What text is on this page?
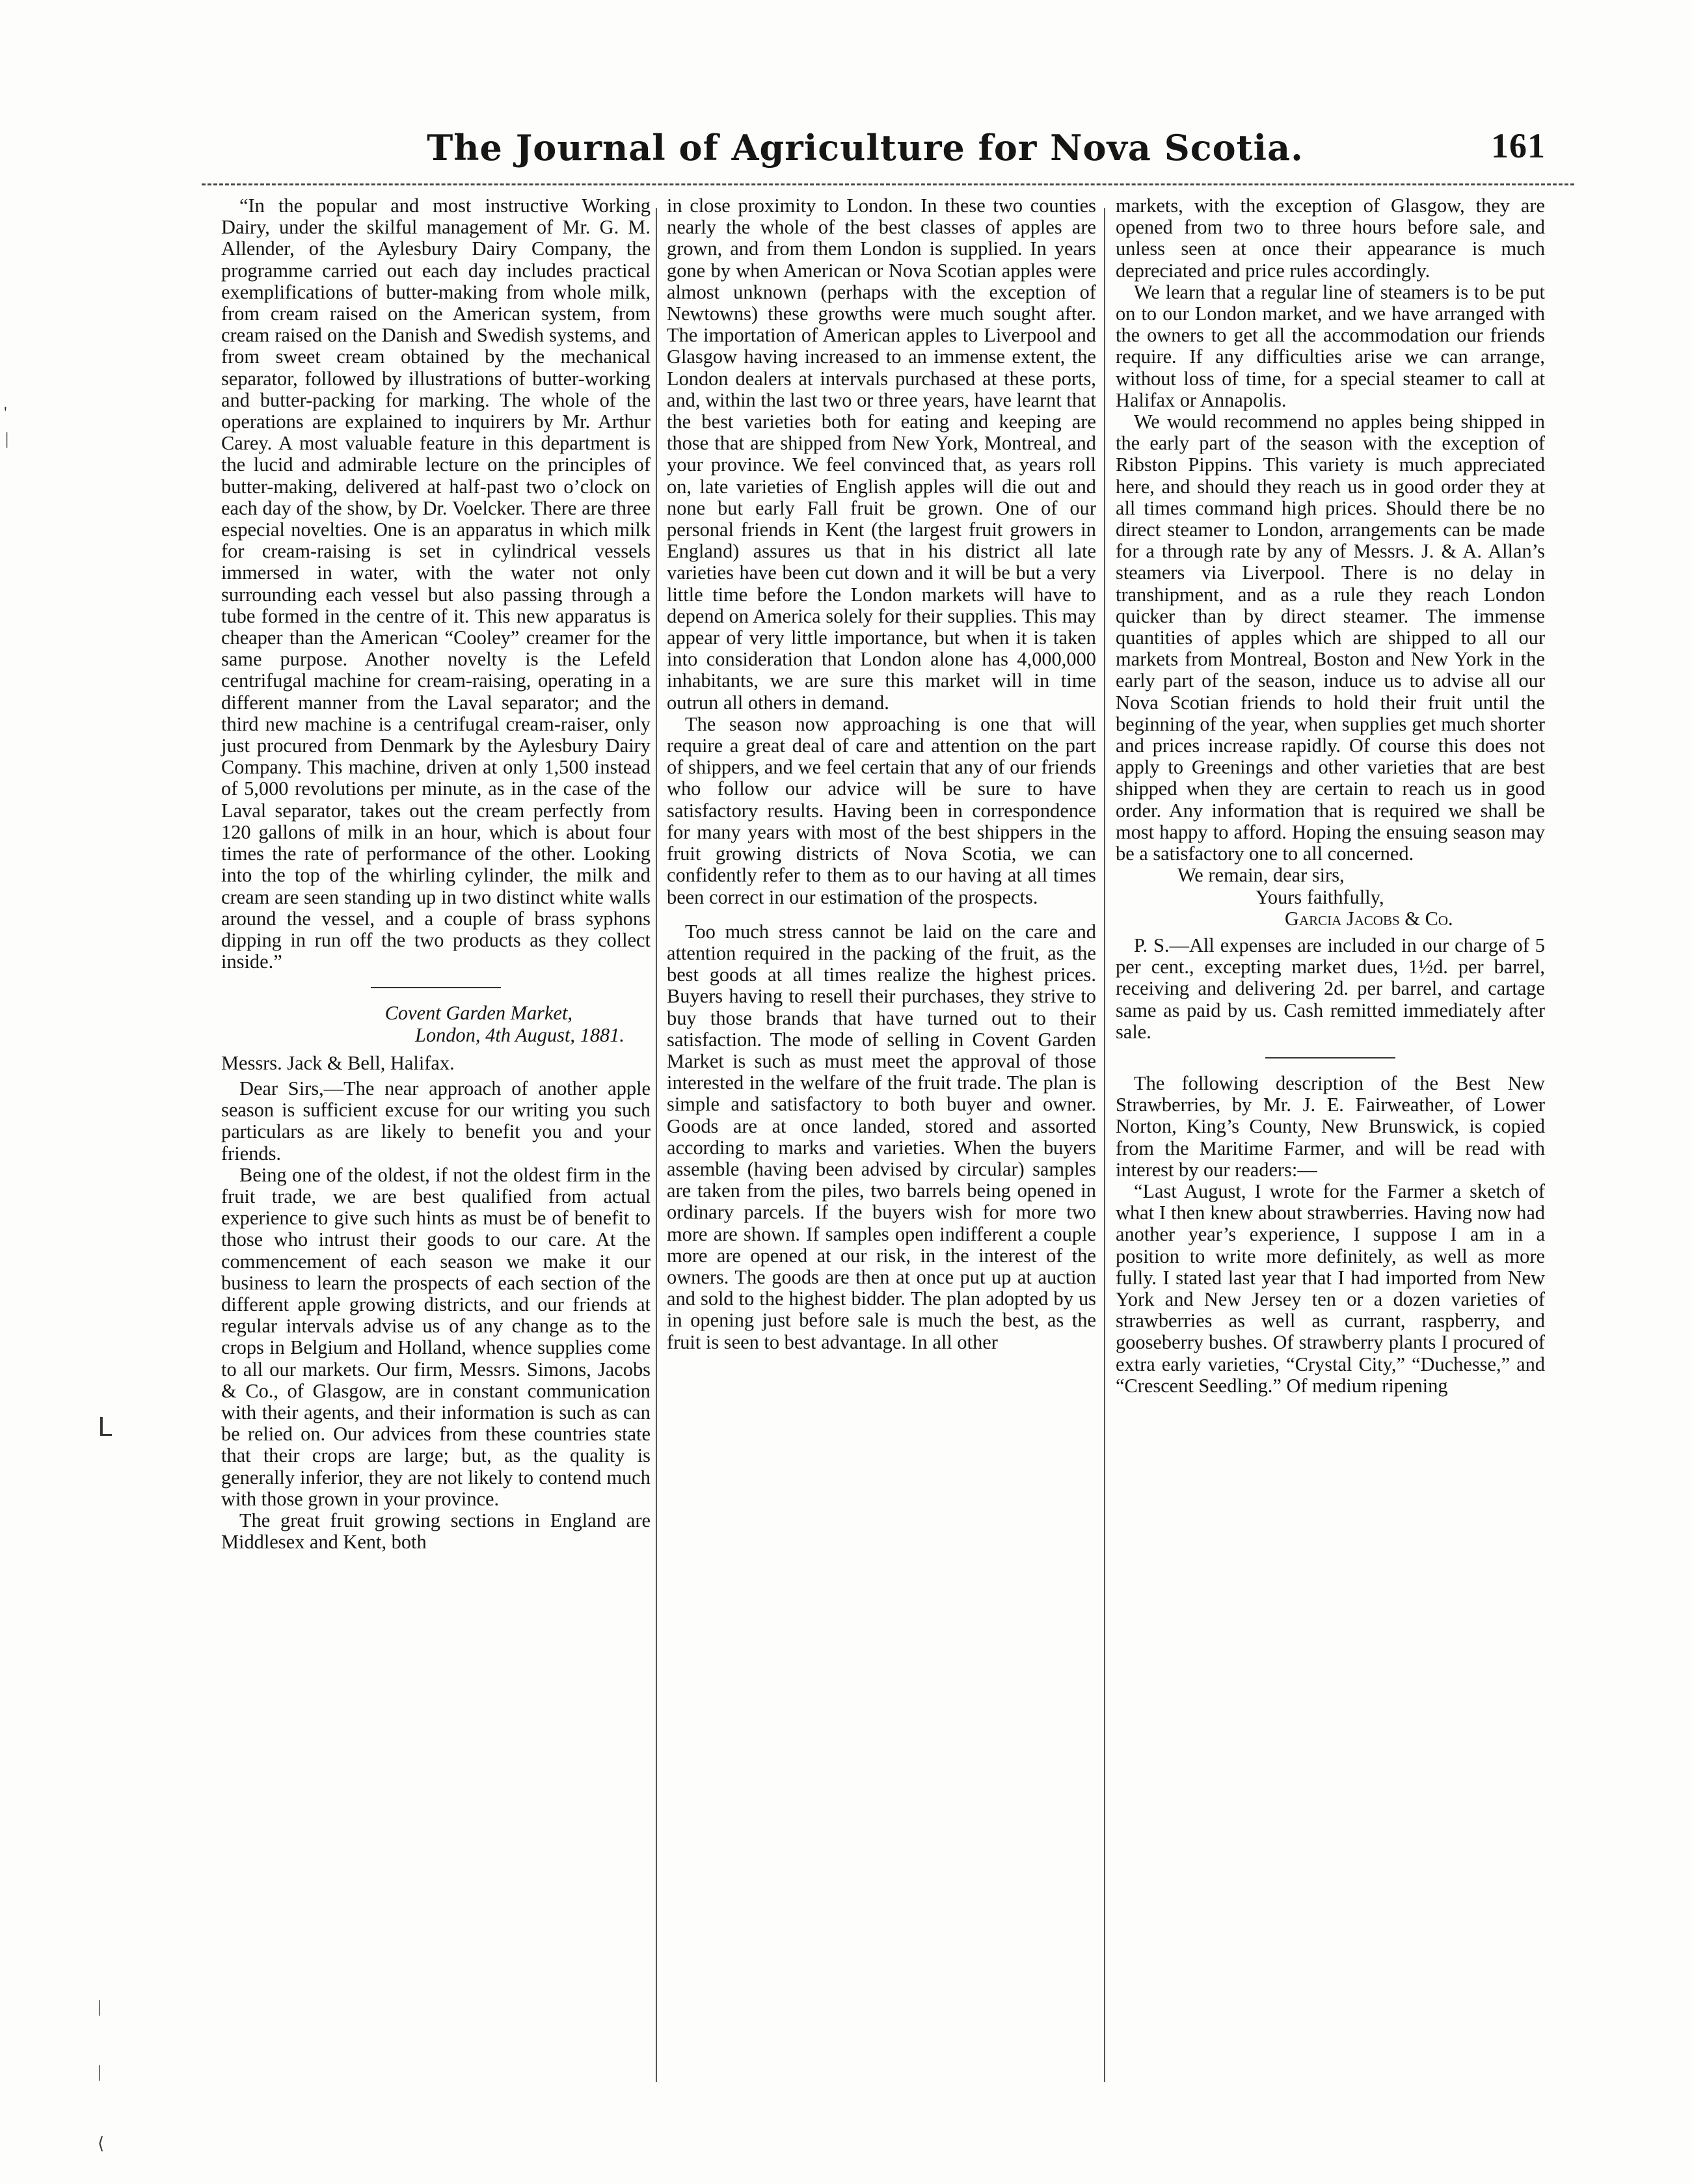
The Journal of Agriculture for Nova Scotia.	161

“In the popular and most instructive Working Dairy, under the skilful management of Mr. G. M. Allender, of the Aylesbury Dairy Company, the programme carried out each day includes practical exemplifications of butter-making from whole milk, from cream raised on the American system, from cream raised on the Danish and Swedish systems, and from sweet cream obtained by the mechanical separator, followed by illustrations of butter-working and butter-packing for marking. The whole of the operations are explained to inquirers by Mr. Arthur Carey. A most valuable feature in this department is the lucid and admirable lecture on the principles of butter-making, delivered at half-past two o’clock on each day of the show, by Dr. Voelcker. There are three especial novelties. One is an apparatus in which milk for cream-raising is set in cylindrical vessels immersed in water, with the water not only surrounding each vessel but also passing through a tube formed in the centre of it. This new apparatus is cheaper than the American “Cooley” creamer for the same purpose. Another novelty is the Lefeld centrifugal machine for cream-raising, operating in a different manner from the Laval separator; and the third new machine is a centrifugal cream-raiser, only just procured from Denmark by the Aylesbury Dairy Company. This machine, driven at only 1,500 instead of 5,000 revolutions per minute, as in the case of the Laval separator, takes out the cream perfectly from 120 gallons of milk in an hour, which is about four times the rate of performance of the other. Looking into the top of the whirling cylinder, the milk and cream are seen standing up in two distinct white walls around the vessel, and a couple of brass syphons dipping in run off the two products as they collect inside.”

Covent Garden Market,

London, 4th August, 1881.

Messrs. Jack & Bell, Halifax.

Dear Sirs,—The near approach of another apple season is sufficient excuse for our writing you such particulars as are likely to benefit you and your friends.

Being one of the oldest, if not the oldest firm in the fruit trade, we are best qualified from actual experience to give such hints as must be of benefit to those who intrust their goods to our care. At the commencement of each season we make it our business to learn the prospects of each section of the different apple growing districts, and our friends at regular intervals advise us of any change as to the crops in Belgium and Holland, whence supplies come to all our markets. Our firm, Messrs. Simons, Jacobs & Co., of Glasgow, are in constant communication with their agents, and their information is such as can be relied on. Our advices from these countries state that their crops are large; but, as the quality is generally inferior, they are not likely to contend much with those grown in your province.

The great fruit growing sections in England are Middlesex and Kent, both

in close proximity to London. In these two counties nearly the whole of the best classes of apples are grown, and from them London is supplied. In years gone by when American or Nova Scotian apples were almost unknown (perhaps with the exception of Newtowns) these growths were much sought after. The importation of American apples to Liverpool and Glasgow having increased to an immense extent, the London dealers at intervals purchased at these ports, and, within the last two or three years, have learnt that the best varieties both for eating and keeping are those that are shipped from New York, Montreal, and your province. We feel convinced that, as years roll on, late varieties of English apples will die out and none but early Fall fruit be grown. One of our personal friends in Kent (the largest fruit growers in England) assures us that in his district all late varieties have been cut down and it will be but a very little time before the London markets will have to depend on America solely for their supplies. This may appear of very little importance, but when it is taken into consideration that London alone has 4,000,000 inhabitants, we are sure this market will in time outrun all others in demand.

The season now approaching is one that will require a great deal of care and attention on the part of shippers, and we feel certain that any of our friends who follow our advice will be sure to have satisfactory results. Having been in correspondence for many years with most of the best shippers in the fruit growing districts of Nova Scotia, we can confidently refer to them as to our having at all times been correct in our estimation of the prospects.

Too much stress cannot be laid on the care and attention required in the packing of the fruit, as the best goods at all times realize the highest prices. Buyers having to resell their purchases, they strive to buy those brands that have turned out to their satisfaction. The mode of selling in Covent Garden Market is such as must meet the approval of those interested in the welfare of the fruit trade. The plan is simple and satisfactory to both buyer and owner. Goods are at once landed, stored and assorted according to marks and varieties. When the buyers assemble (having been advised by circular) samples are taken from the piles, two barrels being opened in ordinary parcels. If the buyers wish for more two more are shown. If samples open indifferent a couple more are opened at our risk, in the interest of the owners. The goods are then at once put up at auction and sold to the highest bidder. The plan adopted by us in opening just before sale is much the best, as the fruit is seen to best advantage. In all other

markets, with the exception of Glasgow, they are opened from two to three hours before sale, and unless seen at once their appearance is much depreciated and price rules accordingly.

We learn that a regular line of steamers is to be put on to our London market, and we have arranged with the owners to get all the accommodation our friends require. If any difficulties arise we can arrange, without loss of time, for a special steamer to call at Halifax or Annapolis.

We would recommend no apples being shipped in the early part of the season with the exception of Ribston Pippins. This variety is much appreciated here, and should they reach us in good order they at all times command high prices. Should there be no direct steamer to London, arrangements can be made for a through rate by any of Messrs. J. & A. Allan’s steamers via Liverpool. There is no delay in transhipment, and as a rule they reach London quicker than by direct steamer. The immense quantities of apples which are shipped to all our markets from Montreal, Boston and New York in the early part of the season, induce us to advise all our Nova Scotian friends to hold their fruit until the beginning of the year, when supplies get much shorter and prices increase rapidly. Of course this does not apply to Greenings and other varieties that are best shipped when they are certain to reach us in good order. Any information that is required we shall be most happy to afford. Hoping the ensuing season may be a satisfactory one to all concerned.

We remain, dear sirs,

Yours faithfully,

Garcia Jacobs & Co.

P. S.—All expenses are included in our charge of 5 per cent., excepting market dues, 1½d. per barrel, receiving and delivering 2d. per barrel, and cartage same as paid by us. Cash remitted immediately after sale.

The following description of the Best New Strawberries, by Mr. J. E. Fairweather, of Lower Norton, King’s County, New Brunswick, is copied from the Maritime Farmer, and will be read with interest by our readers:—

“Last August, I wrote for the Farmer a sketch of what I then knew about strawberries. Having now had another year’s experience, I suppose I am in a position to write more definitely, as well as more fully. I stated last year that I had imported from New York and New Jersey ten or a dozen varieties of strawberries as well as currant, raspberry, and gooseberry bushes. Of strawberry plants I procured of extra early varieties, “Crystal City,” “Duchesse,” and “Crescent Seedling.” Of medium ripening

'
|
ᒪ
|
|
⟨
